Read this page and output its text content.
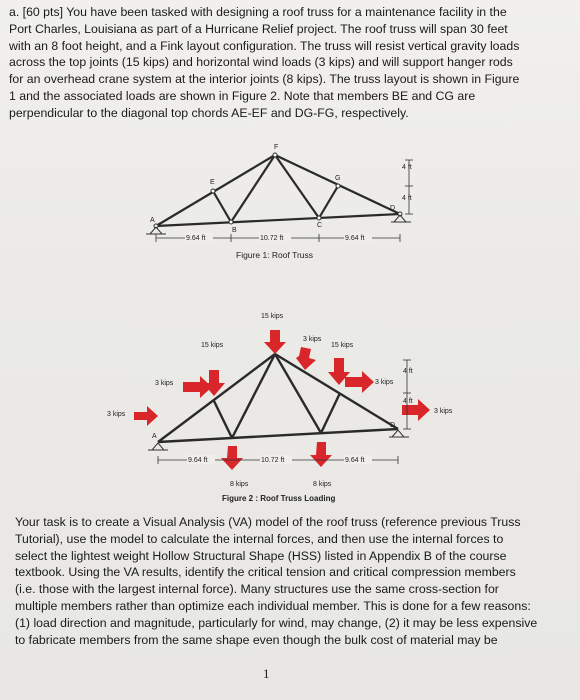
a. [60 pts] You have been tasked with designing a roof truss for a maintenance facility in the
Port Charles, Louisiana as part of a Hurricane Relief project. The roof truss will span 30 feet
with an 8 foot height, and a Fink layout configuration. The truss will resist vertical gravity loads
across the top joints (15 kips) and horizontal wind loads (3 kips) and will support hanger rods
for an overhead crane system at the interior joints (8 kips). The truss layout is shown in Figure
1 and the associated loads are shown in Figure 2. Note that members BE and CG are
perpendicular to the diagonal top chords AE-EF and DG-FG, respectively.
A
B
C
D
E
F
G
9.64 ft	10.72 ft	9.64 ft
4 ft
4 ft
Figure 1: Roof Truss
A
D
9.64 ft	10.72 ft	9.64 ft
4 ft
4 ft
15 kips
15 kips
3 kips
15 kips
3 kips
3 kips
3 kips
3 kips
8 kips	8 kips
Figure 2 : Roof Truss Loading
Your task is to create a Visual Analysis (VA) model of the roof truss (reference previous Truss
Tutorial), use the model to calculate the internal forces, and then use the internal forces to
select the lightest weight Hollow Structural Shape (HSS) listed in Appendix B of the course
textbook. Using the VA results, identify the critical tension and critical compression members
(i.e. those with the largest internal force). Many structures use the same cross-section for
multiple members rather than optimize each individual member. This is done for a few reasons:
(1) load direction and magnitude, particularly for wind, may change, (2) it may be less expensive
to fabricate members from the same shape even though the bulk cost of material may be
1
